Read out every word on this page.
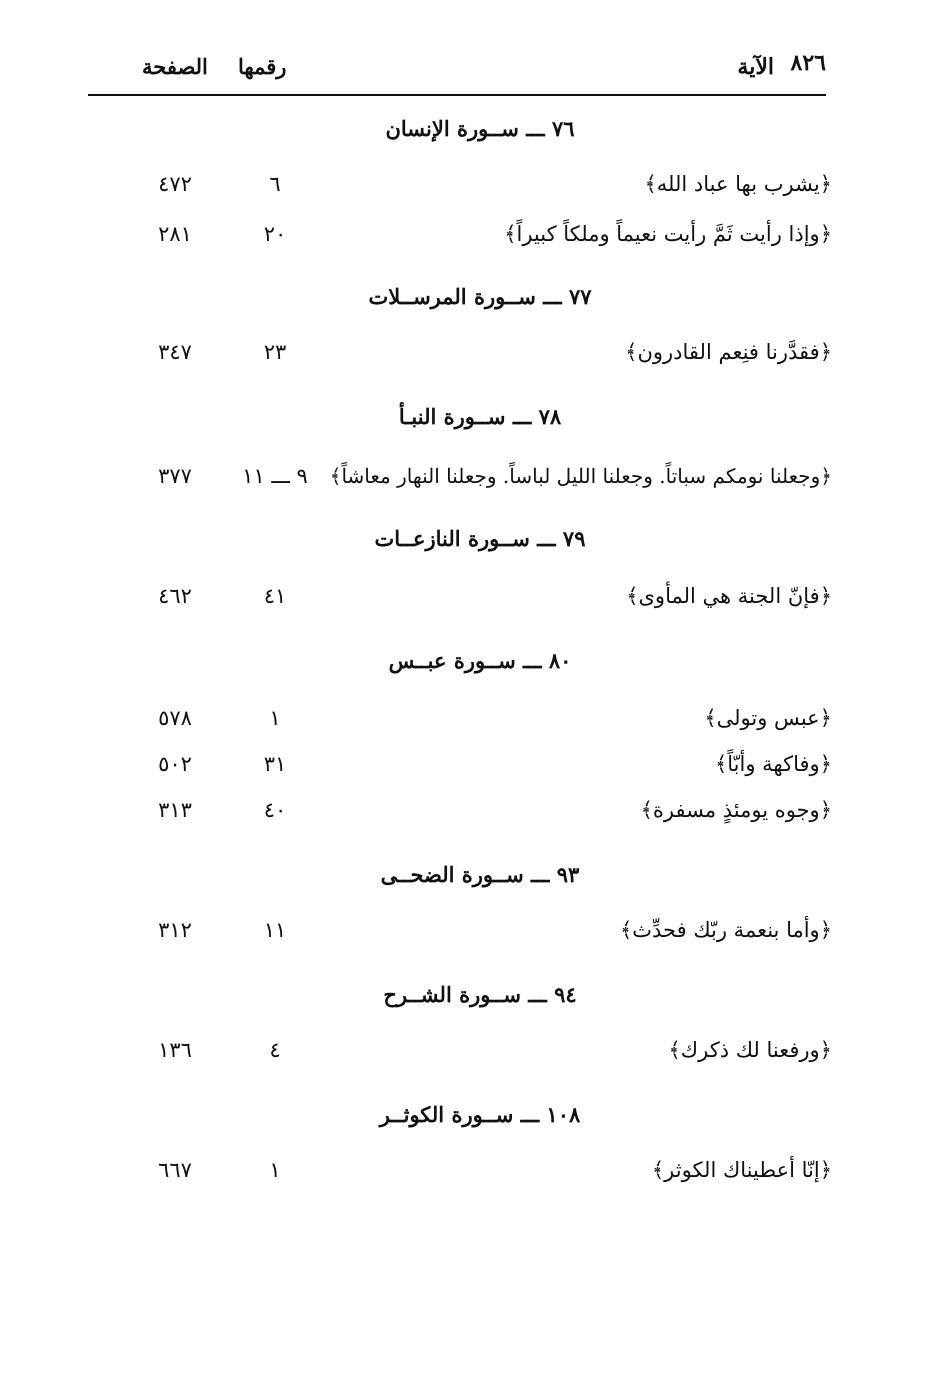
٨٢٦
الآية
رقمها
الصفحة
٧٦ ـــ ســورة الإنسان
﴿يشرب بها عباد الله﴾
٦
٤٧٢
﴿وإذا رأيت ثَمَّ رأيت نعيماً وملكاً كبيراً﴾
٢٠
٢٨١
٧٧ ـــ ســورة المرســلات
﴿فقدَّرنا فنِعم القادرون﴾
٢٣
٣٤٧
٧٨ ـــ ســورة النبـأ
﴿وجعلنا نومكم سباتاً. وجعلنا الليل لباساً. وجعلنا النهار معاشاً﴾
٩ ـــ ١١
٣٧٧
٧٩ ـــ ســورة النازعــات
﴿فإنّ الجنة هي المأوى﴾
٤١
٤٦٢
٨٠ ـــ ســورة عبــس
﴿عبس وتولى﴾
١
٥٧٨
﴿وفاكهة وأبّاً﴾
٣١
٥٠٢
﴿وجوه يومئذٍ مسفرة﴾
٤٠
٣١٣
٩٣ ـــ ســورة الضحــى
﴿وأما بنعمة ربّك فحدِّث﴾
١١
٣١٢
٩٤ ـــ ســورة الشــرح
﴿ورفعنا لك ذكرك﴾
٤
١٣٦
١٠٨ ـــ ســورة الكوثــر
﴿إنّا أعطيناك الكوثر﴾
١
٦٦٧
